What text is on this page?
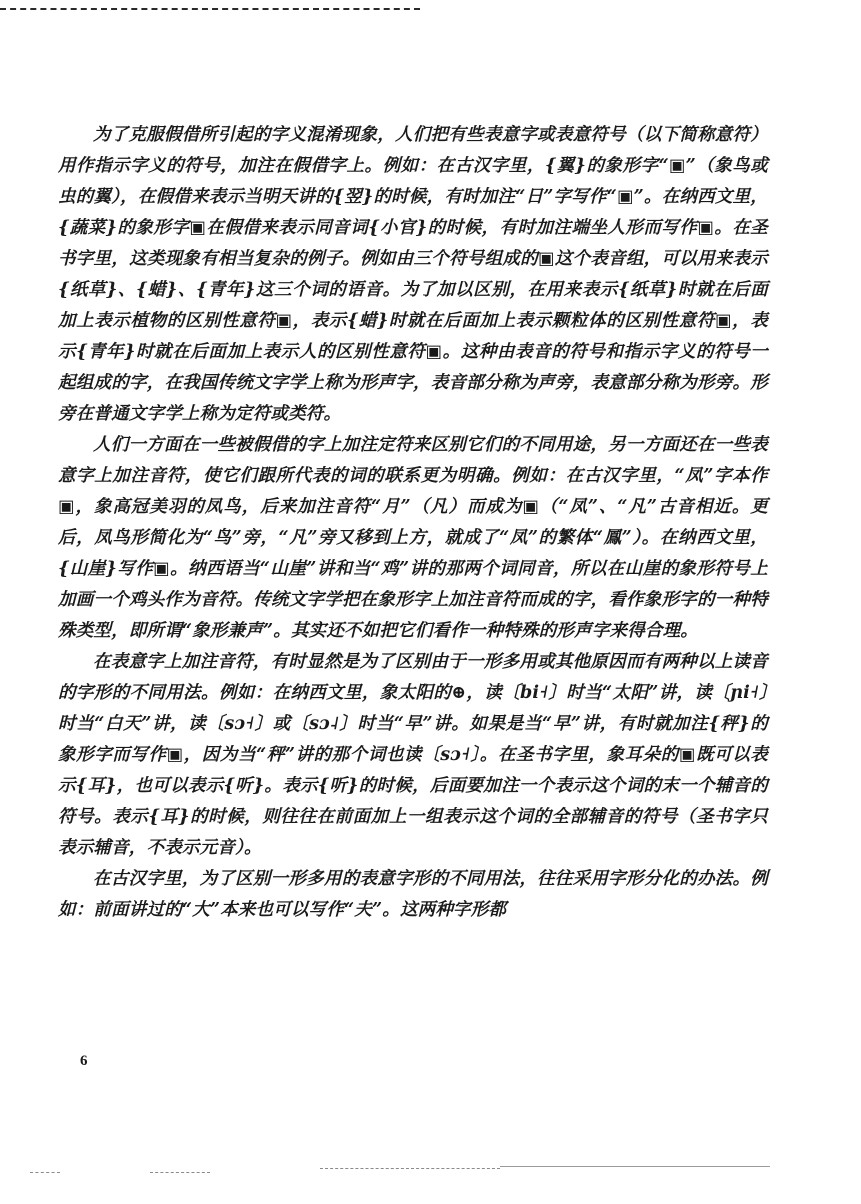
为了克服假借所引起的字义混淆现象，人们把有些表意字或表意符号（以下简称意符）用作指示字义的符号，加注在假借字上。例如：在古汉字里，{翼}的象形字“▣”（象鸟或虫的翼），在假借来表示当明天讲的{翌}的时候，有时加注“日”字写作“▣”。在纳西文里，{蔬菜}的象形字▣在假借来表示同音词{小官}的时候，有时加注端坐人形而写作▣。在圣书字里，这类现象有相当复杂的例子。例如由三个符号组成的▣这个表音组，可以用来表示{纸草}、{蜡}、{青年}这三个词的语音。为了加以区别，在用来表示{纸草}时就在后面加上表示植物的区别性意符▣，表示{蜡}时就在后面加上表示颗粒体的区别性意符▣，表示{青年}时就在后面加上表示人的区别性意符▣。这种由表音的符号和指示字义的符号一起组成的字，在我国传统文字学上称为形声字，表音部分称为声旁，表意部分称为形旁。形旁在普通文字学上称为定符或类符。

人们一方面在一些被假借的字上加注定符来区别它们的不同用途，另一方面还在一些表意字上加注音符，使它们跟所代表的词的联系更为明确。例如：在古汉字里，“凤”字本作▣，象高冠美羽的凤鸟，后来加注音符“月”（凡）而成为▣（“凤”、“凡”古音相近。更后，凤鸟形简化为“鸟”旁，“凡”旁又移到上方，就成了“凤”的繁体“鳳”）。在纳西文里，{山崖}写作▣。纳西语当“山崖”讲和当“鸡”讲的那两个词同音，所以在山崖的象形符号上加画一个鸡头作为音符。传统文字学把在象形字上加注音符而成的字，看作象形字的一种特殊类型，即所谓“象形兼声”。其实还不如把它们看作一种特殊的形声字来得合理。

在表意字上加注音符，有时显然是为了区别由于一形多用或其他原因而有两种以上读音的字形的不同用法。例如：在纳西文里，象太阳的⊕，读〔bi˧〕时当“太阳”讲，读〔ɲi˧〕时当“白天”讲，读〔sɔ˧〕或〔sɔ˨〕时当“早”讲。如果是当“早”讲，有时就加注{秤}的象形字而写作▣，因为当“秤”讲的那个词也读〔sɔ˧〕。在圣书字里，象耳朵的▣既可以表示{耳}，也可以表示{听}。表示{听}的时候，后面要加注一个表示这个词的末一个辅音的符号。表示{耳}的时候，则往往在前面加上一组表示这个词的全部辅音的符号（圣书字只表示辅音，不表示元音）。

在古汉字里，为了区别一形多用的表意字形的不同用法，往往采用字形分化的办法。例如：前面讲过的“大”本来也可以写作“夫”。这两种字形都

6
